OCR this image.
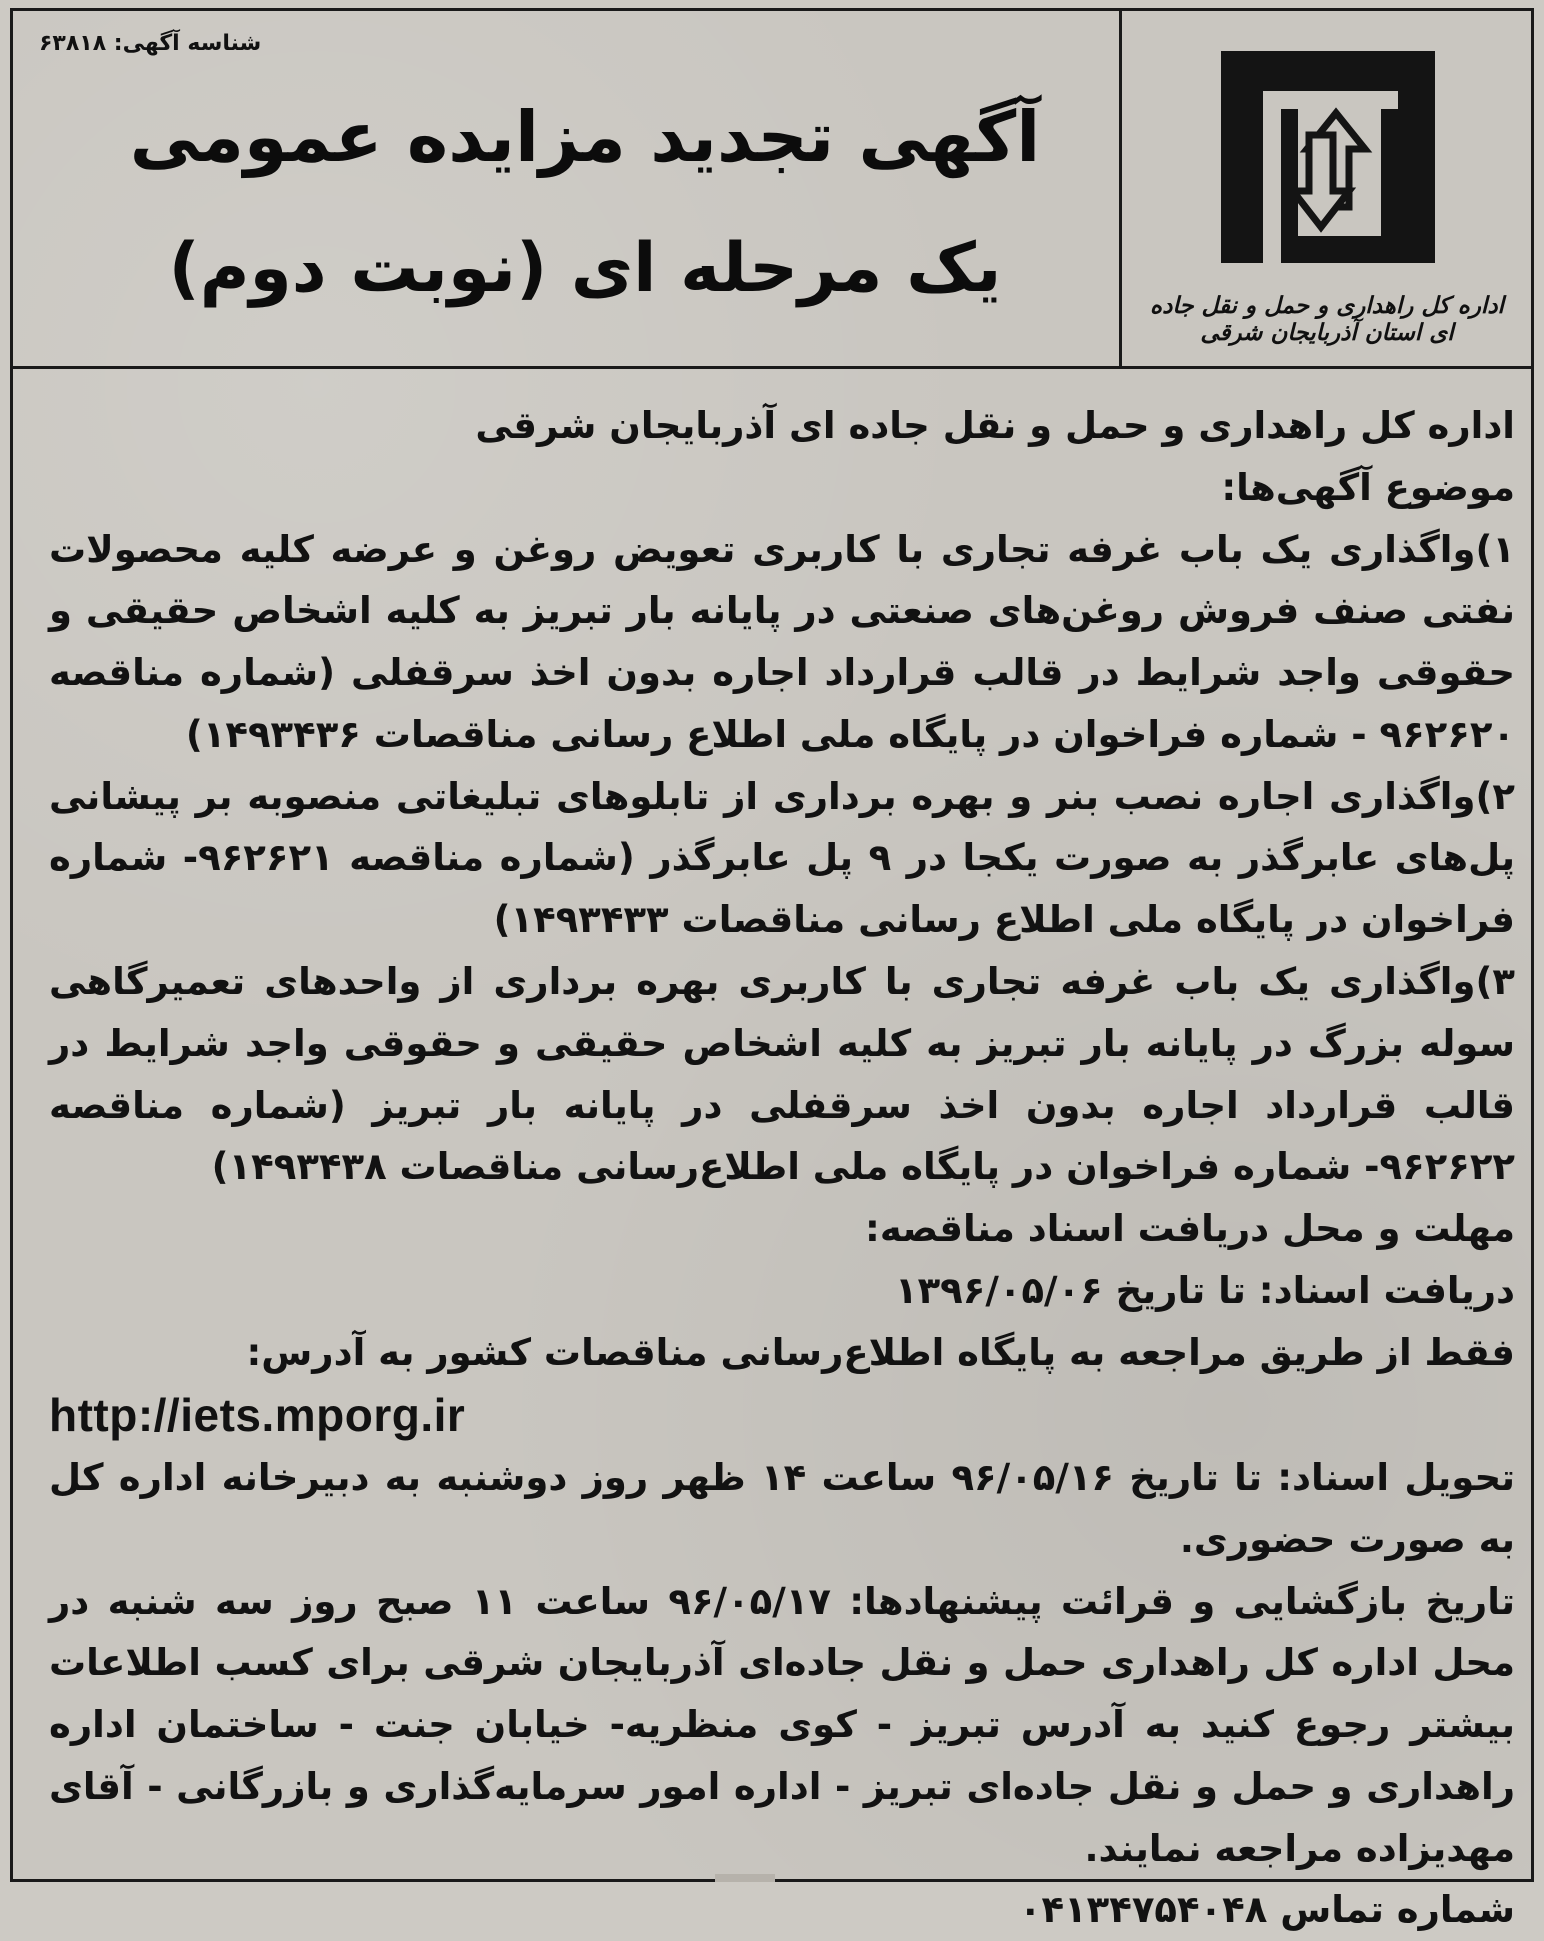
شناسه آگهی: ۶۳۸۱۸
آگهی تجدید مزایده عمومی
یک مرحله ای (نوبت دوم)	اداره کل راهداری و حمل و نقل جاده ای استان آذربایجان شرقی

اداره کل راهداری و حمل و نقل جاده ای آذربایجان شرقی

موضوع آگهی‌ها:

۱)واگذاری یک باب غرفه تجاری با کاربری تعویض روغن و عرضه کلیه محصولات نفتی صنف فروش روغن‌های صنعتی در پایانه بار تبریز به کلیه اشخاص حقیقی و حقوقی واجد شرایط در قالب قرارداد اجاره بدون اخذ سرقفلی (شماره مناقصه ۹۶۲۶۲۰ - شماره فراخوان در پایگاه ملی اطلاع رسانی مناقصات ۱۴۹۳۴۳۶)

۲)واگذاری اجاره نصب بنر و بهره برداری از تابلوهای تبلیغاتی منصوبه بر پیشانی پل‌های عابرگذر به صورت یکجا در ۹ پل عابرگذر (شماره مناقصه ۹۶۲۶۲۱- شماره فراخوان در پایگاه ملی اطلاع رسانی مناقصات ۱۴۹۳۴۳۳)

۳)واگذاری یک باب غرفه تجاری با کاربری بهره برداری از واحدهای تعمیرگاهی سوله بزرگ در پایانه بار تبریز به کلیه اشخاص حقیقی و حقوقی واجد شرایط در قالب قرارداد اجاره بدون اخذ سرقفلی در پایانه بار تبریز (شماره مناقصه ۹۶۲۶۲۲- شماره فراخوان در پایگاه ملی اطلاع‌رسانی مناقصات ۱۴۹۳۴۳۸)

مهلت و محل دریافت اسناد مناقصه:

دریافت اسناد: تا تاریخ ۱۳۹۶/۰۵/۰۶

فقط از طریق مراجعه به پایگاه اطلاع‌رسانی مناقصات کشور به آدرس:

http://iets.mporg.ir

تحویل اسناد: تا تاریخ ۹۶/۰۵/۱۶ ساعت ۱۴ ظهر روز دوشنبه به دبیرخانه اداره کل به صورت حضوری.

تاریخ بازگشایی و قرائت پیشنهادها: ۹۶/۰۵/۱۷ ساعت ۱۱ صبح روز سه شنبه در محل اداره کل راهداری حمل و نقل جاده‌ای آذربایجان شرقی برای کسب اطلاعات بیشتر رجوع کنید به آدرس تبریز - کوی منظریه- خیابان جنت - ساختمان اداره راهداری و حمل و نقل جاده‌ای تبریز - اداره امور سرمایه‌گذاری و بازرگانی - آقای مهدیزاده مراجعه نمایند.

شماره تماس ۰۴۱۳۴۷۵۴۰۴۸
